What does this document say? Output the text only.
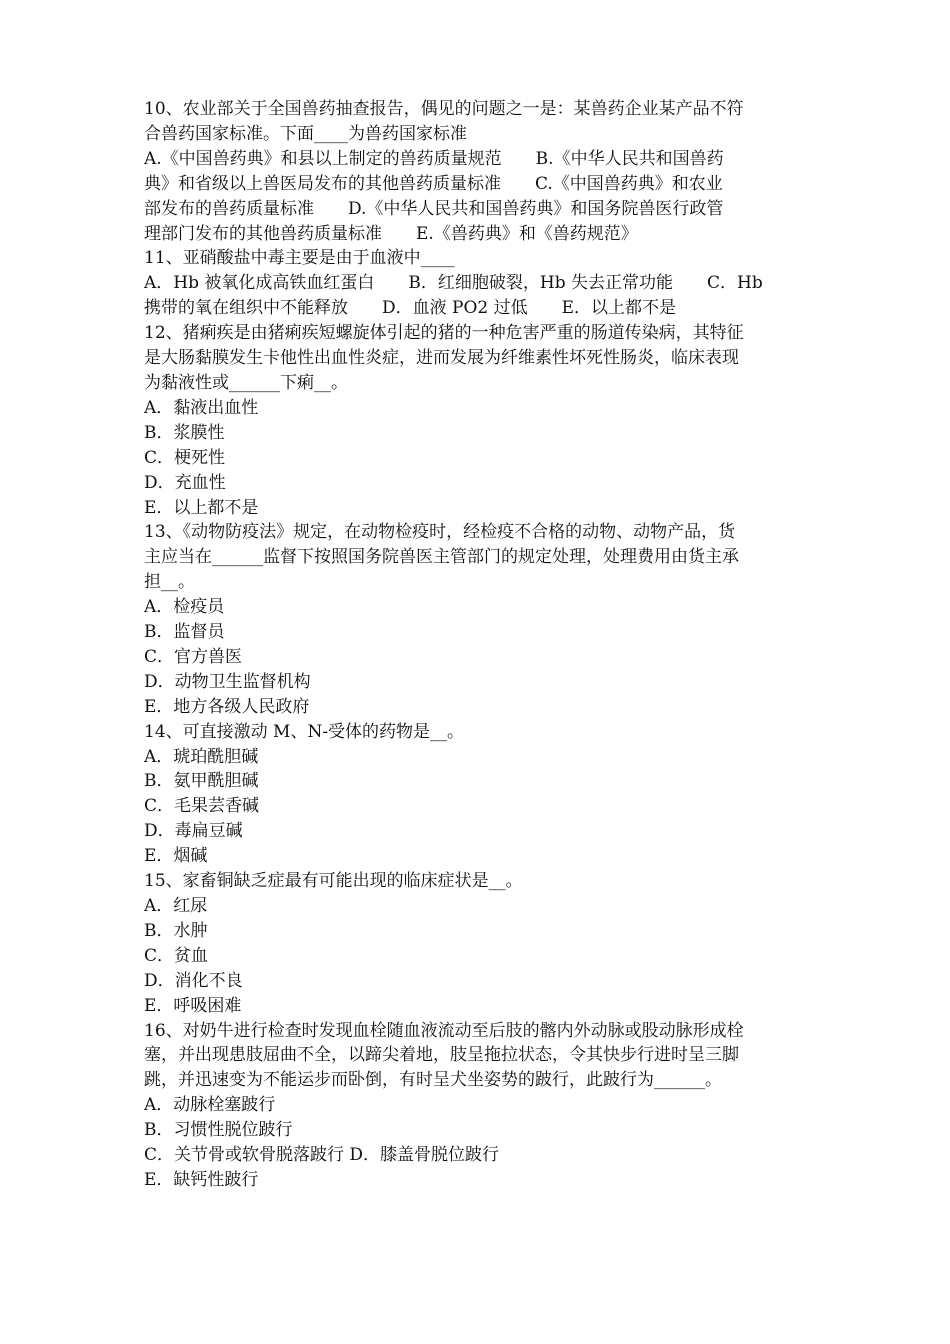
10、农业部关于全国兽药抽查报告，偶见的问题之一是：某兽药企业某产品不符
合兽药国家标准。下面____为兽药国家标准
A.《中国兽药典》和县以上制定的兽药质量规范　　B.《中华人民共和国兽药
典》和省级以上兽医局发布的其他兽药质量标准　　C.《中国兽药典》和农业
部发布的兽药质量标准　　D.《中华人民共和国兽药典》和国务院兽医行政管
理部门发布的其他兽药质量标准　　E.《兽药典》和《兽药规范》
11、亚硝酸盐中毒主要是由于血液中____
A．Hb 被氧化成高铁血红蛋白　　B．红细胞破裂，Hb 失去正常功能　　C．Hb
携带的氧在组织中不能释放　　D．血液 PO2 过低　　E．以上都不是
12、猪痢疾是由猪痢疾短螺旋体引起的猪的一种危害严重的肠道传染病，其特征
是大肠黏膜发生卡他性出血性炎症，进而发展为纤维素性坏死性肠炎，临床表现
为黏液性或______下痢__。
A．黏液出血性
B．浆膜性
C．梗死性
D．充血性
E．以上都不是
13、《动物防疫法》规定，在动物检疫时，经检疫不合格的动物、动物产品，货
主应当在______监督下按照国务院兽医主管部门的规定处理，处理费用由货主承
担__。
A．检疫员
B．监督员
C．官方兽医
D．动物卫生监督机构
E．地方各级人民政府
14、可直接激动 M、N-受体的药物是__。
A．琥珀酰胆碱
B．氨甲酰胆碱
C．毛果芸香碱
D．毒扁豆碱
E．烟碱
15、家畜铜缺乏症最有可能出现的临床症状是__。
A．红尿
B．水肿
C．贫血
D．消化不良
E．呼吸困难
16、对奶牛进行检查时发现血栓随血液流动至后肢的髂内外动脉或股动脉形成栓
塞，并出现患肢屈曲不全，以蹄尖着地，肢呈拖拉状态，令其快步行进时呈三脚
跳，并迅速变为不能运步而卧倒，有时呈犬坐姿势的跛行，此跛行为______。
A．动脉栓塞跛行
B．习惯性脱位跛行
C．关节骨或软骨脱落跛行 D．膝盖骨脱位跛行
E．缺钙性跛行
